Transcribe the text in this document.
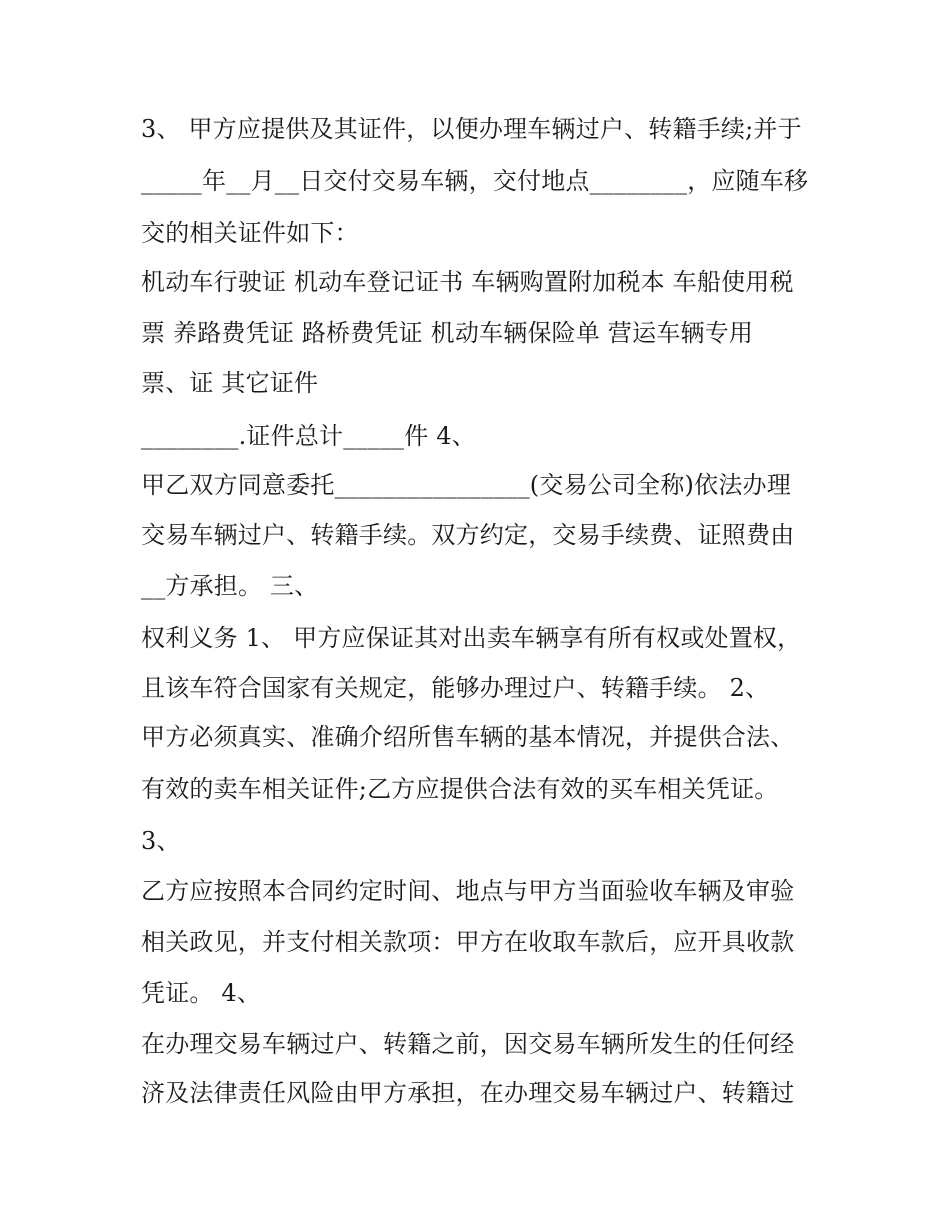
3、 甲方应提供及其证件，以便办理车辆过户、转籍手续;并于
_____年__月__日交付交易车辆，交付地点________，应随车移
交的相关证件如下：
机动车行驶证 机动车登记证书 车辆购置附加税本 车船使用税
票 养路费凭证 路桥费凭证 机动车辆保险单 营运车辆专用
票、证 其它证件
________.证件总计_____件 4、
甲乙双方同意委托________________(交易公司全称)依法办理
交易车辆过户、转籍手续。双方约定，交易手续费、证照费由
__方承担。 三、
权利义务 1、 甲方应保证其对出卖车辆享有所有权或处置权，
且该车符合国家有关规定，能够办理过户、转籍手续。 2、
甲方必须真实、准确介绍所售车辆的基本情况，并提供合法、
有效的卖车相关证件;乙方应提供合法有效的买车相关凭证。
3、
乙方应按照本合同约定时间、地点与甲方当面验收车辆及审验
相关政见，并支付相关款项：甲方在收取车款后，应开具收款
凭证。 4、
在办理交易车辆过户、转籍之前，因交易车辆所发生的任何经
济及法律责任风险由甲方承担，在办理交易车辆过户、转籍过
